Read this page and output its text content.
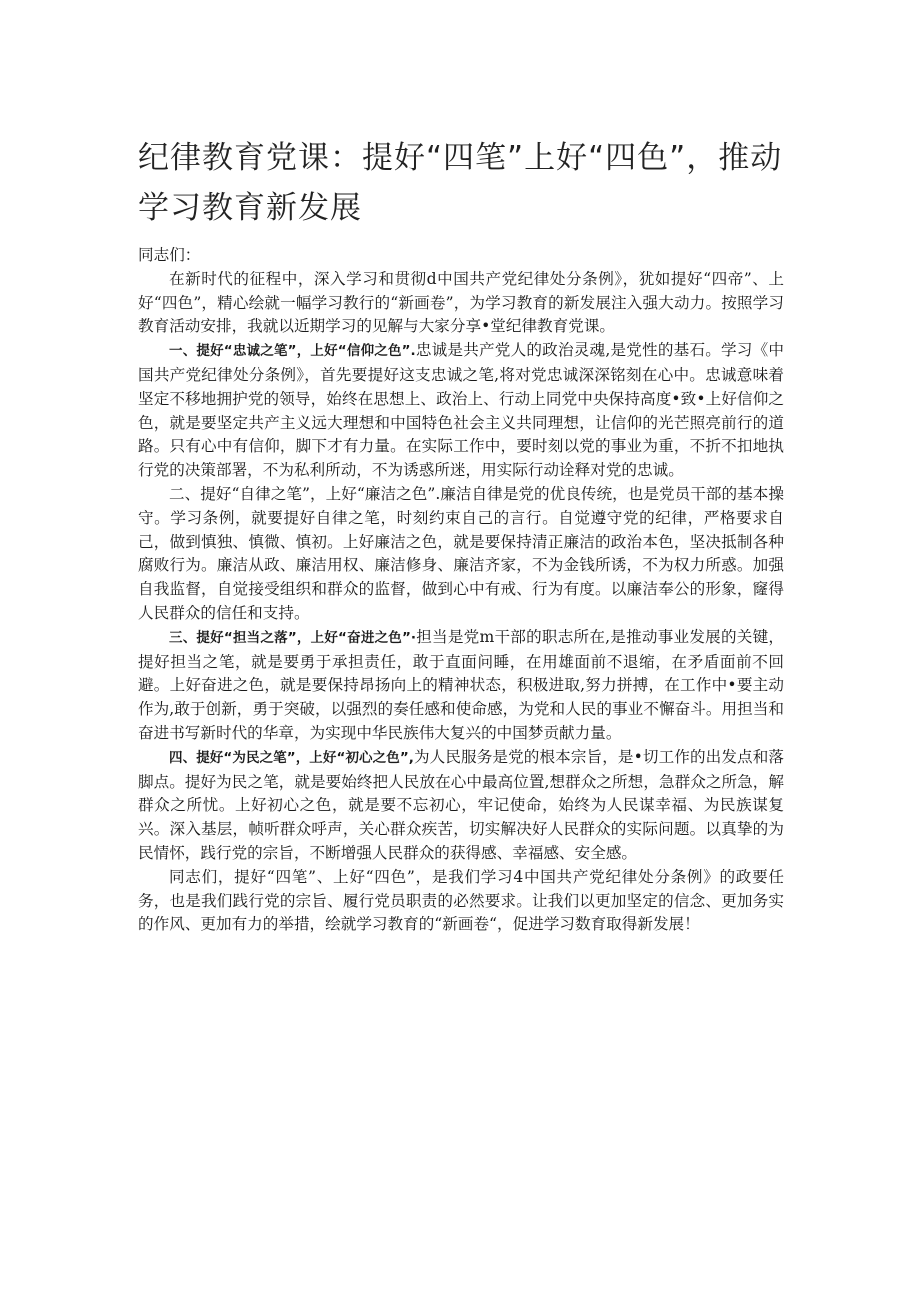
纪律教育党课：提好“四笔”上好“四色”，推动学习教育新发展

同志们：

在新时代的征程中，深入学习和贯彻d中国共产党纪律处分条例》，犹如提好“四帝”、上好“四色”，精心绘就一幅学习教行的“新画卷”，为学习教育的新发展注入强大动力。按照学习教育活动安排，我就以近期学习的见解与大家分享•堂纪律教育党课。

一、提好“忠诚之笔”，上好“信仰之色”.忠诚是共产党人的政治灵魂,是党性的基石。学习《中国共产党纪律处分条例》，首先要提好这支忠诚之笔,将对党忠诚深深铭刻在心中。忠诚意味着坚定不移地拥护党的领导，始终在思想上、政治上、行动上同党中央保持高度•致•上好信仰之色，就是要坚定共产主义远大理想和中国特色社会主义共同理想，让信仰的光芒照亮前行的道路。只有心中有信仰，脚下才有力量。在实际工作中，要时刻以党的事业为重，不折不扣地执行党的决策部署，不为私利所动，不为诱惑所迷，用实际行动诠释对党的忠诚。

二、提好“自律之笔”，上好“廉洁之色”.廉洁自律是党的优良传统，也是党员干部的基本操守。学习条例，就要提好自律之笔，时刻约束自己的言行。自觉遵守党的纪律，严格要求自己，做到慎独、慎微、慎初。上好廉洁之色，就是要保持清正廉洁的政治本色，坚决抵制各种腐败行为。廉洁从政、廉洁用权、廉洁修身、廉洁齐家，不为金钱所诱，不为权力所惑。加强自我监督，自觉接受组织和群众的监督，做到心中有戒、行为有度。以廉洁奉公的形象，窿得人民群众的信任和支持。

三、提好“担当之落”，上好“奋进之色”·担当是党m干部的职志所在,是推动事业发展的关键，提好担当之笔，就是要勇于承担责任，敢于直面问睡，在用雄面前不退缩，在矛盾面前不回避。上好奋进之色，就是要保持昂扬向上的精神状态，积极进取,努力拼搏，在工作中•要主动作为,敢于创新，勇于突破，以强烈的奏任感和使命感，为党和人民的事业不懈奋斗。用担当和奋进书写新时代的华章，为实现中华民族伟大复兴的中国梦贡献力量。

四、提好“为民之笔”，上好“初心之色”,为人民服务是党的根本宗旨，是•切工作的出发点和落脚点。提好为民之笔，就是要始终把人民放在心中最高位置,想群众之所想，急群众之所急，解群众之所忧。上好初心之色，就是要不忘初心，牢记使命，始终为人民谋幸福、为民族谋复兴。深入基层，帧听群众呼声，关心群众疾苦，切实解决好人民群众的实际问题。以真挚的为民情怀，践行党的宗旨，不断增强人民群众的获得感、幸福感、安全感。

同志们，提好“四笔”、上好“四色”，是我们学习4中国共产党纪律处分条例》的政要任务，也是我们践行党的宗旨、履行党员职责的必然要求。让我们以更加坚定的信念、更加务实的作风、更加有力的举措，绘就学习教育的“新画卷“，促进学习数育取得新发展！
